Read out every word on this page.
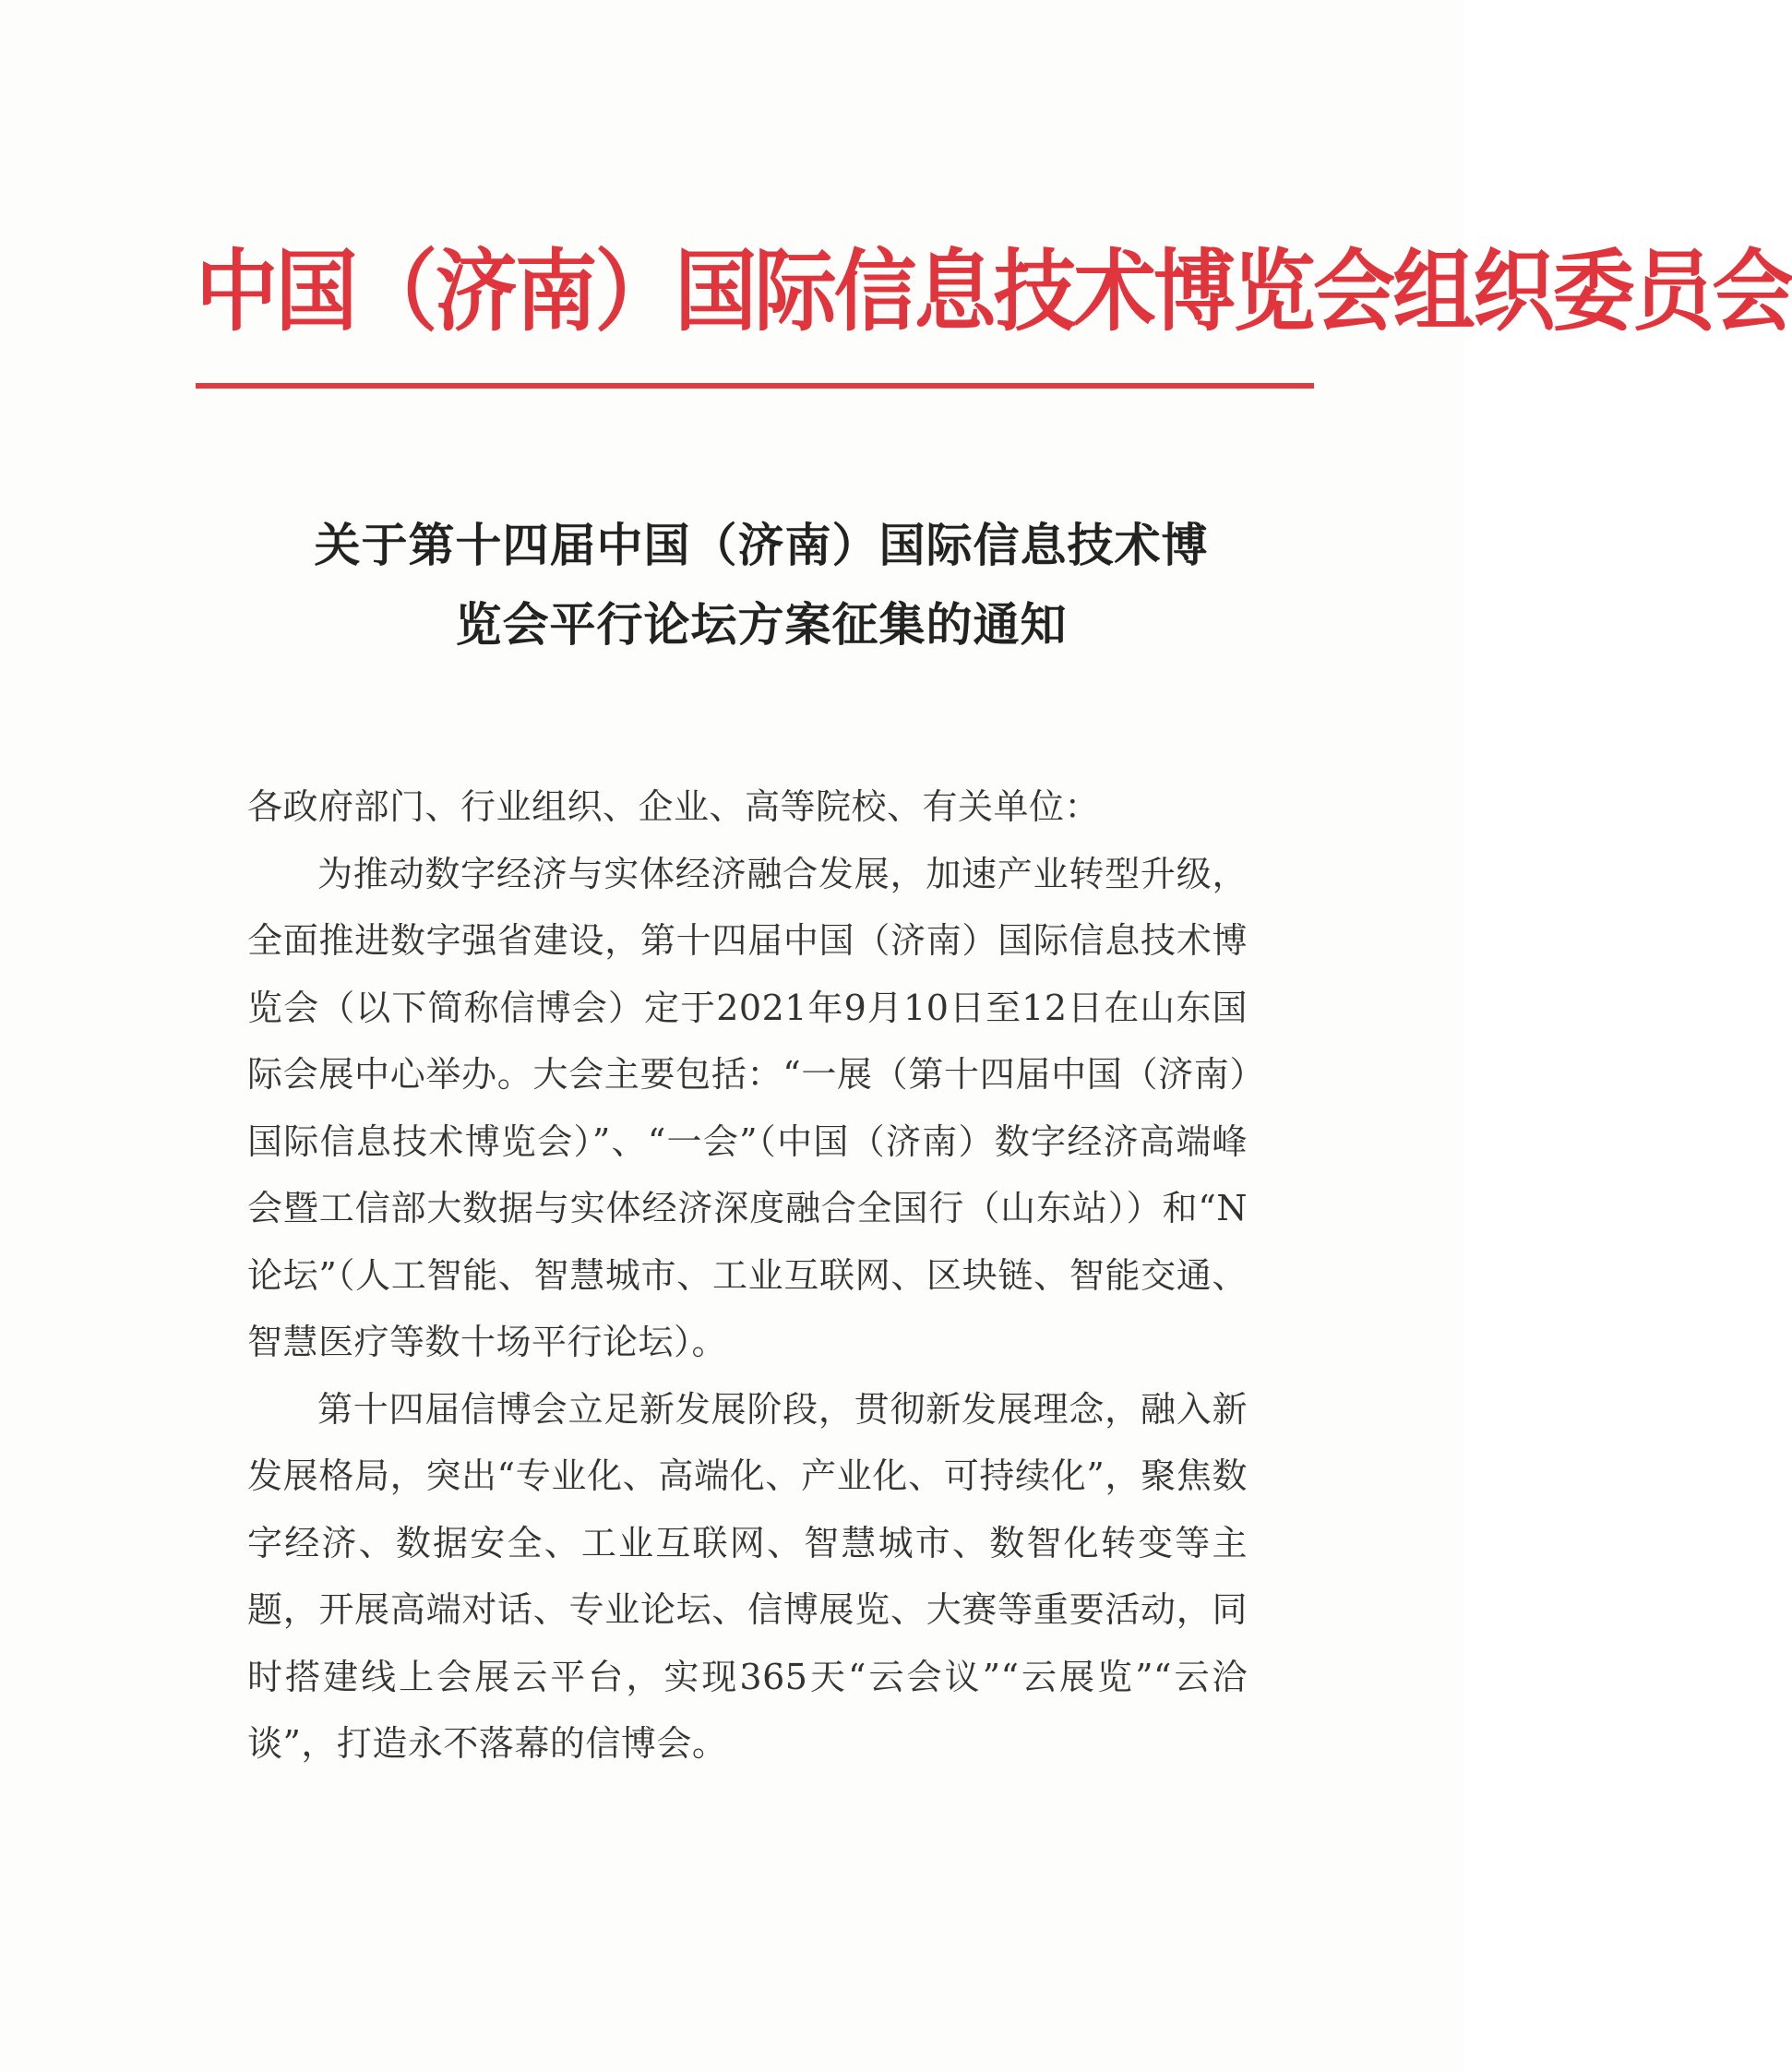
中国（济南）国际信息技术博览会组织委员会
关于第十四届中国（济南）国际信息技术博
览会平行论坛方案征集的通知

各政府部门、行业组织、企业、高等院校、有关单位：

为推动数字经济与实体经济融合发展，加速产业转型升级，全面推进数字强省建设，第十四届中国（济南）国际信息技术博览会（以下简称信博会）定于2021年9月10日至12日在山东国际会展中心举办。大会主要包括：“一展（第十四届中国（济南）国际信息技术博览会）”、“一会”（中国（济南）数字经济高端峰会暨工信部大数据与实体经济深度融合全国行（山东站））和“N论坛”（人工智能、智慧城市、工业互联网、区块链、智能交通、智慧医疗等数十场平行论坛）。

第十四届信博会立足新发展阶段，贯彻新发展理念，融入新发展格局，突出“专业化、高端化、产业化、可持续化”，聚焦数字经济、数据安全、工业互联网、智慧城市、数智化转变等主题，开展高端对话、专业论坛、信博展览、大赛等重要活动，同时搭建线上会展云平台，实现365天“云会议”“云展览”“云洽谈”，打造永不落幕的信博会。
